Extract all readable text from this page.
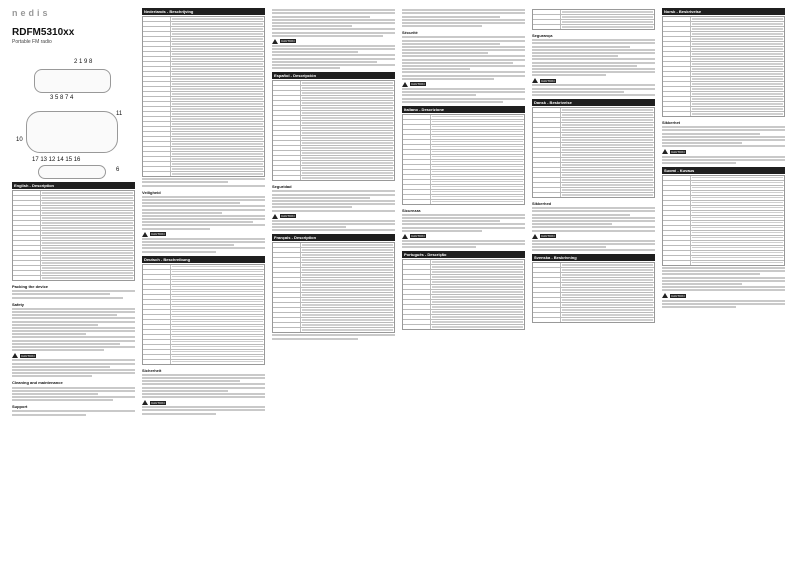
nedis
RDFM5310xx
Portable FM radio
2 1 9 8
3 5 8 7 4
11
10
17 13 12 14 15 16
6
English - Description
Packing the device
Safety
CAUTION
Cleaning and maintenance
Support
Nederlands - Beschrijving
Veiligheid
CAUTION
Deutsch - Beschreibung
Sicherheit
CAUTION
CAUTION
Español - Descripción
Seguridad
CAUTION
Français - Description
Sécurité
CAUTION
Italiano - Descrizione
Sicurezza
CAUTION
Português - Descrição
Segurança
CAUTION
Dansk - Beskrivelse
Sikkerhed
CAUTION
Svenska - Beskrivning
Norsk - Beskrivelse
Sikkerhet
CAUTION
Suomi - Kuvaus
CAUTION
